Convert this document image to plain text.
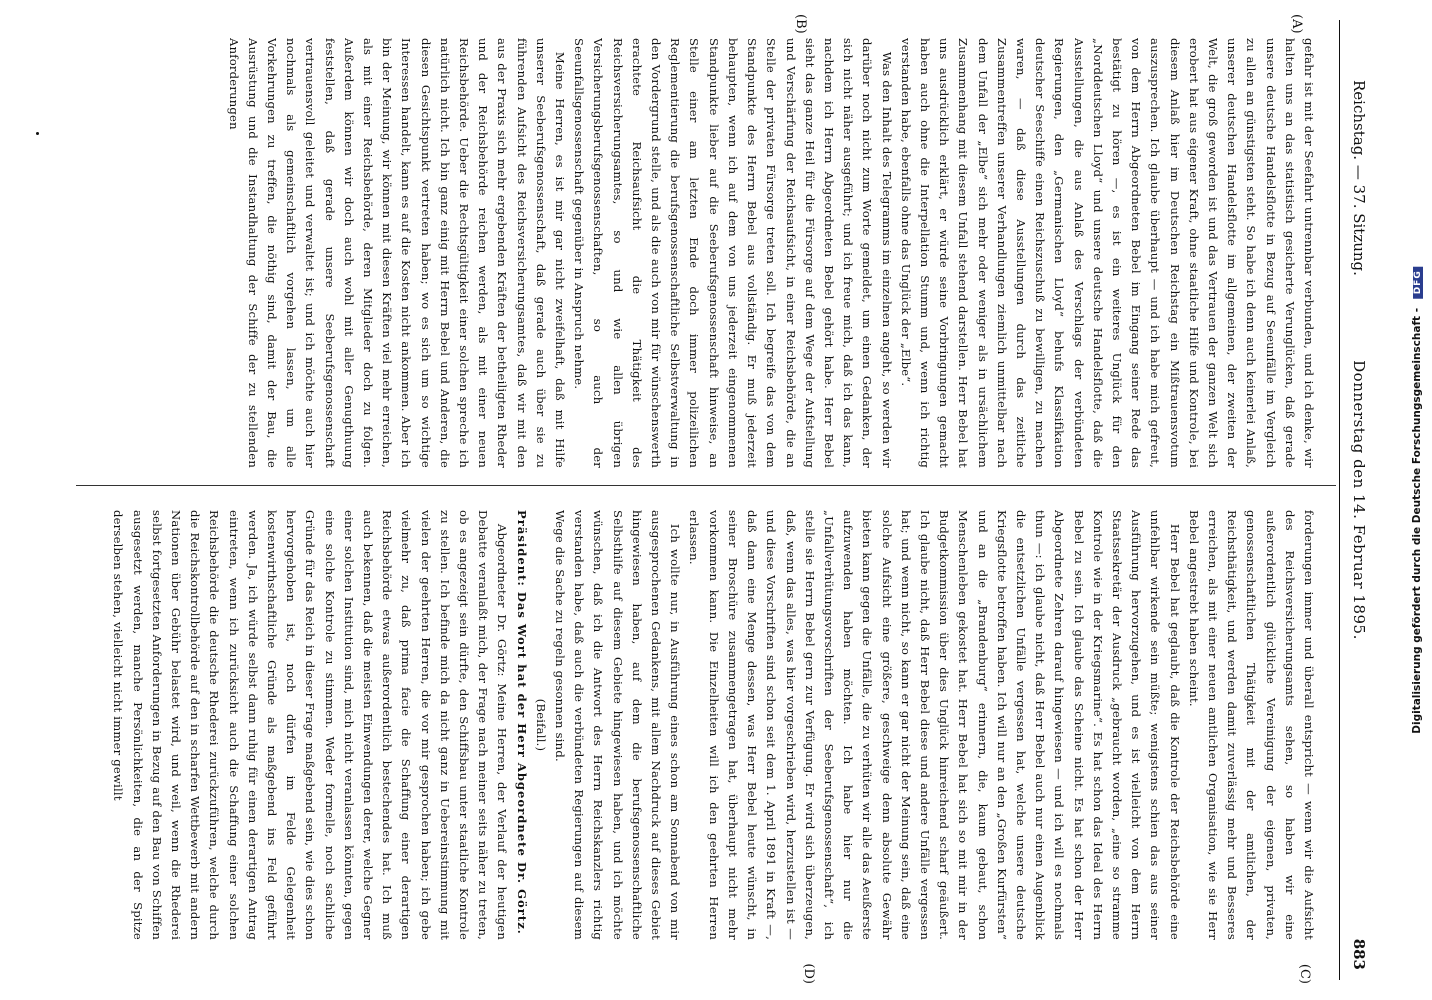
Reichstag. — 37. Sitzung.
Donnerstag den 14. Februar 1895.
883
(A)
(B)
(C)
(D)

gefahr ist mit der Seefahrt untrennbar verbunden, und ich denke, wir halten uns an das statistisch gesicherte Verunglücken, daß gerade unsere deutsche Handelsflotte in Bezug auf Seeunfälle im Vergleich zu allen an günstigsten steht. So habe ich denn auch keinerlei Anlaß, unserer deutschen Handelsflotte im allgemeinen, der zweiten der Welt, die groß geworden ist und das Vertrauen der ganzen Welt sich erobert hat aus eigener Kraft, ohne staatliche Hilfe und Kontrole, bei diesem Anlaß hier im Deutschen Reichstag ein Mißtrauensvotum auszusprechen. Ich glaube überhaupt — und ich habe mich gefreut, von dem Herrn Abgeordneten Bebel im Eingang seiner Rede das bestätigt zu hören —, es ist ein weiteres Unglück für den „Norddeutschen Lloyd“ und unsere deutsche Handelsflotte, daß die Ausstellungen, die aus Anlaß des Verschlags der verbündeten Regierungen, den „Germanischen Lloyd“ behufs Klassifikation deutscher Seeschiffe einen Reichszuschuß zu bewilligen, zu machen waren, — daß diese Ausstellungen durch das zeitliche Zusammentreffen unserer Verhandlungen ziemlich unmittelbar nach dem Unfall der „Elbe“ sich mehr oder weniger als in ursächlichem Zusammenhang mit diesem Unfall stehend darstellen. Herr Bebel hat uns ausdrücklich erklärt, er würde seine Vorbringungen gemacht haben auch ohne die Interpellation Stumm und, wenn ich richtig verstanden habe, ebenfalls ohne das Unglück der „Elbe“.

Was den Inhalt des Telegramms im einzelnen angeht, so werden wir darüber noch nicht zum Worte gemeldet, um einen Gedanken, der sich nicht näher ausgeführt; und ich freue mich, daß ich das kann, nachdem ich Herrn Abgeordneten Bebel gehört habe. Herr Bebel sieht das ganze Heil für die Fürsorge auf dem Wege der Aufstellung und Verschärfung der Reichsaufsicht, in einer Reichsbehörde, die an Stelle der privaten Fürsorge treten soll. Ich begreife das von dem Standpunkte des Herrn Bebel aus vollständig. Er muß jederzeit behaupten, wenn ich auf dem von uns jederzeit eingenommenen Standpunkte lieber auf die Seeberufsgenossenschaft hinweise, an Stelle einer am letzten Ende doch immer polizeilichen Reglementierung die berufsgenossenschaftliche Selbstverwaltung in den Vordergrund stelle, und als die auch von mir für wünschenswerth erachtete Reichsaufsicht die Thätigkeit des Reichsversicherungsamtes, so und wie allen übrigen Versicherungsberufsgenossenschaften, so auch der Seeunfallsgenossenschaft gegenüber in Anspruch nehme.

Meine Herren, es ist mir gar nicht zweifelhaft, daß mit Hilfe unserer Seeberufsgenossenschaft, daß gerade auch über sie zu führenden Aufsicht des Reichsversicherungsamtes, daß wir mit den aus der Praxis sich mehr ergebenden Kräften der betheiligten Rheder und der Reichsbehörde reichen werden, als mit einer neuen Reichsbehörde. Ueber die Rechtsgültigkeit einer solchen spreche ich natürlich nicht. Ich bin ganz einig mit Herrn Bebel und Anderen, die diesen Gesichtspunkt vertreten haben; wo es sich um so wichtige Interessen handelt, kann es auf die Kosten nicht ankommen. Aber ich bin der Meinung, wir können mit diesen Kräften viel mehr erreichen, als mit einer Reichsbehörde, deren Mitglieder doch zu folgen. Außerdem können wir doch auch wohl mit aller Genugthuung feststellen, daß gerade unsere Seeberufsgenossenschaft vertrauensvoll geleitet und verwaltet ist; und ich möchte auch hier nochmals als gemeinschaftlich vorgehen lassen, um alle Vorkehrungen zu treffen, die nöthig sind, damit der Bau, die Ausrüstung und die Instandhaltung der Schiffe der zu stellenden Anforderungen

forderungen immer und überall entspricht — wenn wir die Aufsicht des Reichsversicherungsamts sehen, so haben wir eine außerordentlich glückliche Vereinigung der eigenen, privaten, genossenschaftlichen Thätigkeit mit der amtlichen, der Reichsthätigkeit, und werden damit zuverlässig mehr und Besseres erreichen, als mit einer neuen amtlichen Organisation, wie sie Herr Bebel angestrebt haben scheint.

Herr Bebel hat geglaubt, daß die Kontrole der Reichsbehörde eine unfehlbar wirkende sein müßte; wenigstens schien das aus seiner Ausführung hervorzugehen, und es ist vielleicht von dem Herrn Staatssekretär der Ausdruck „gebraucht worden, „eine so stramme Kontrole wie in der Kriegsmarine“. Es hat schon das Ideal des Herrn Bebel zu sein. Ich glaube das Scheine nicht. Es hat schon der Herr Abgeordnete Zehren darauf hingewiesen — und ich will es nochmals thun —: ich glaube nicht, daß Herr Bebel auch nur einen Augenblick die entsetzlichen Unfälle vergessen hat, welche unsere deutsche Kriegsflotte betroffen haben. Ich will nur an den „Großen Kurfürsten“ und an die „Brandenburg“ erinnern, die, kaum gebaut, schon Menschenleben gekostet hat. Herr Bebel hat sich so mit mir in der Budgetkommission über dies Unglück hinreichend scharf geäußert. Ich glaube nicht, daß Herr Bebel diese und andere Unfälle vergessen hat; und wenn nicht, so kann er gar nicht der Meinung sein, daß eine solche Aufsicht eine größere, geschweige denn absolute Gewähr bieten kann gegen die Unfälle, die zu verhüten wir alle das Aeußerste aufzuwenden haben möchten. Ich habe hier nur die „Unfallverhütungsvorschriften der Seeberufsgenossenschaft“, ich stelle sie Herrn Bebel gern zur Verfügung. Er wird sich überzeugen, daß, wenn das alles, was hier vorgeschrieben wird, herzustellen ist — und diese Vorschriften sind schon seit dem 1. April 1891 in Kraft —, daß dann eine Menge dessen, was Herr Bebel heute wünscht, in seiner Broschüre zusammengetragen hat, überhaupt nicht mehr vorkommen kann. Die Einzelheiten will ich den geehrten Herren erlassen.

Ich wollte nur, in Ausführung eines schon am Sonnabend von mir ausgesprochenen Gedankens, mit allem Nachdruck auf dieses Gebiet hingewiesen haben, auf dem die berufsgenossenschaftliche Selbsthilfe auf diesem Gebiete hingewiesen haben, und ich möchte wünschen, daß ich die Antwort des Herrn Reichskanzlers richtig verstanden habe, daß auch die verbündeten Regierungen auf diesem Wege die Sache zu regeln gesonnen sind.

(Beifall.)

Präsident: Das Wort hat der Herr Abgeordnete Dr. Görtz.

Abgeordneter Dr. Görtz: Meine Herren, der Verlauf der heutigen Debatte veranlaßt mich, der Frage nach meiner seits näher zu treten, ob es angezeigt sein dürfte, den Schiffsbau unter staatliche Kontrole zu stellen. Ich befinde mich da nicht ganz in Uebereinstimmung mit vielen der geehrten Herren, die vor mir gesprochen haben; ich gebe vielmehr zu, daß prima facie die Schaffung einer derartigen Reichsbehörde etwas außerordentlich bestechendes hat. Ich muß auch bekennen, daß die meisten Einwendungen derer, welche Gegner einer solchen Institution sind, mich nicht veranlassen könnten, gegen eine solche Kontrole zu stimmen. Weder formelle, noch sachliche Gründe für das Reich in dieser Frage maßgebend sein, wie dies schon hervorgehoben ist, noch dürfen im Felde Gelegenheit kostenwirthschaftliche Gründe als maßgebend ins Feld geführt werden. Ja, ich würde selbst dann ruhig für einen derartigen Antrag eintreten, wenn ich zurücksicht auch die Schaffung einer solchen Reichsbehörde die deutsche Rhederei zurückzuführen, welche durch die Reichskontrollbehörde auf den in scharfen Wettbewerb mit andern Nationen über Gebühr belastet wird, und weil, wenn die Rhederei selbst fortgesetzten Anforderungen in Bezug auf den Bau von Schiffen ausgesetzt werden, manche Persönlichkeiten, die an der Spitze derselben stehen, vielleicht nicht immer gewillt	Digitalisierung gefördert durch die Deutsche Forschungsgemeinschaft - DFG
